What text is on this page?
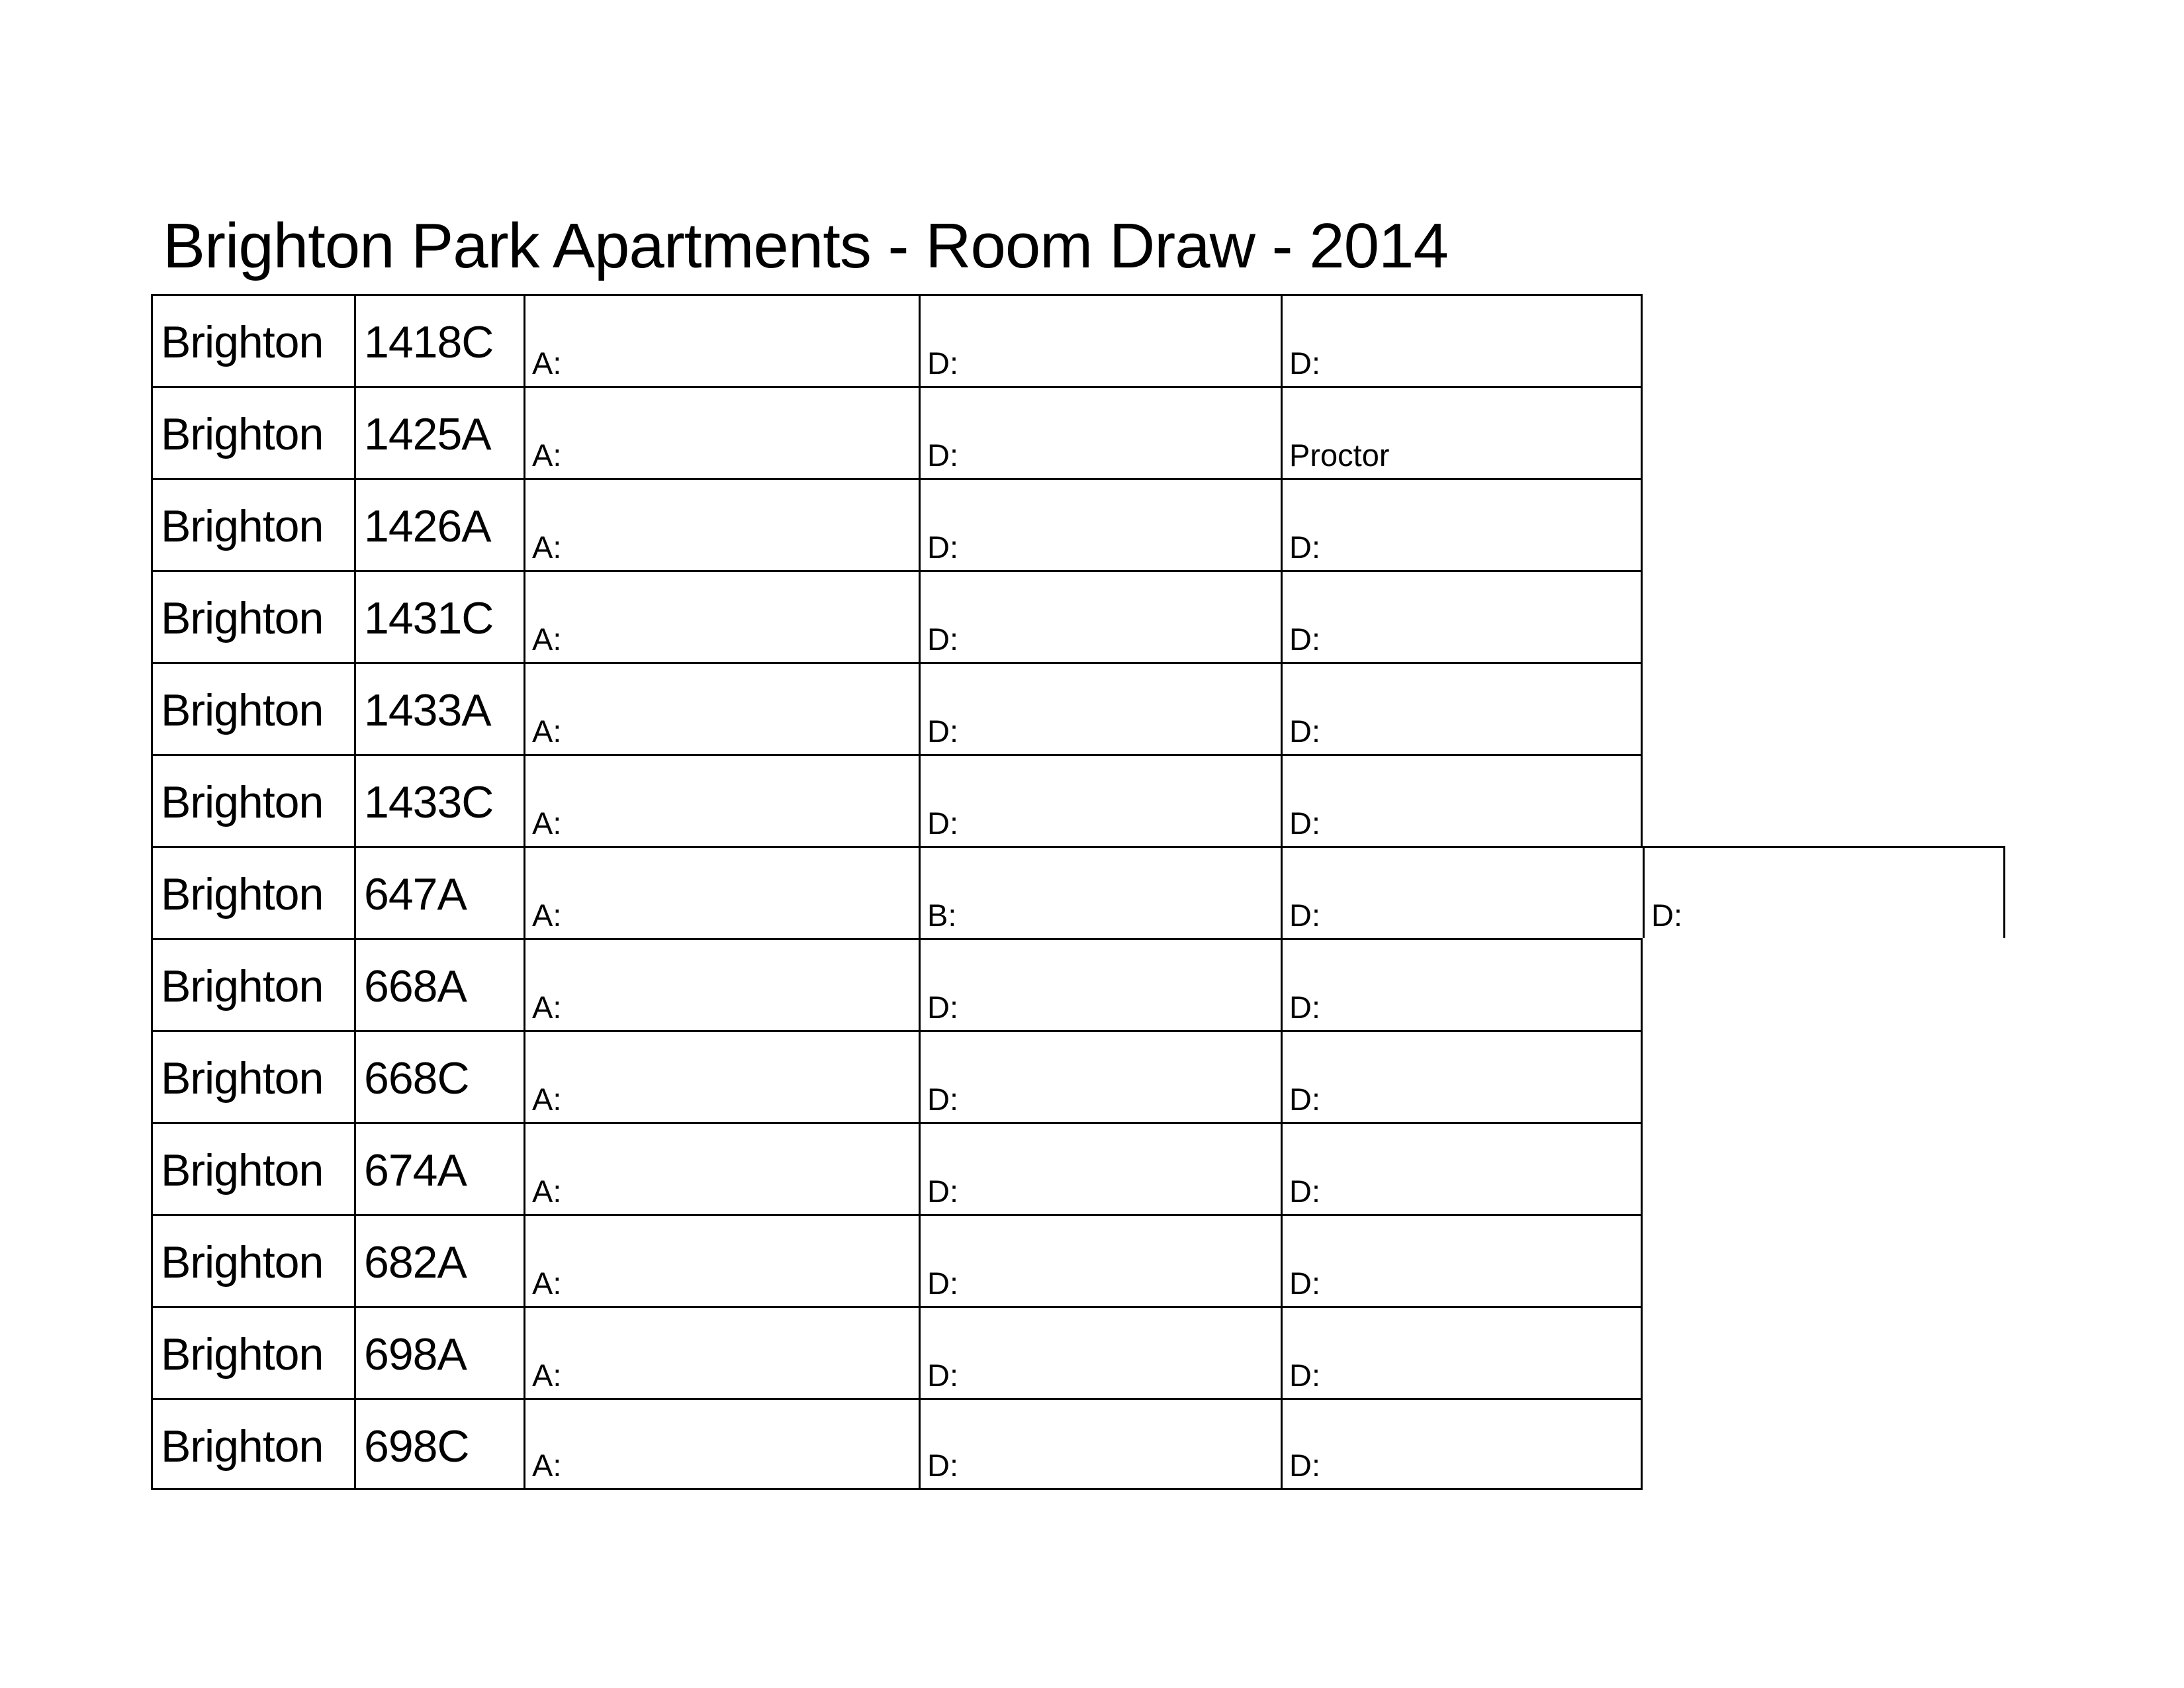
Brighton Park Apartments - Room Draw - 2014
Brighton 1418C A:	D:	D:
Brighton 1425A A:	D:	Proctor
Brighton 1426A A:	D:	D:
Brighton 1431C A:	D:	D:
Brighton 1433A A:	D:	D:
Brighton 1433C A:	D:	D:
Brighton 647A A:	B:	D:	D:
Brighton 668A A:	D:	D:
Brighton 668C A:	D:	D:
Brighton 674A A:	D:	D:
Brighton 682A A:	D:	D:
Brighton 698A A:	D:	D:
Brighton 698C A:	D:	D:
